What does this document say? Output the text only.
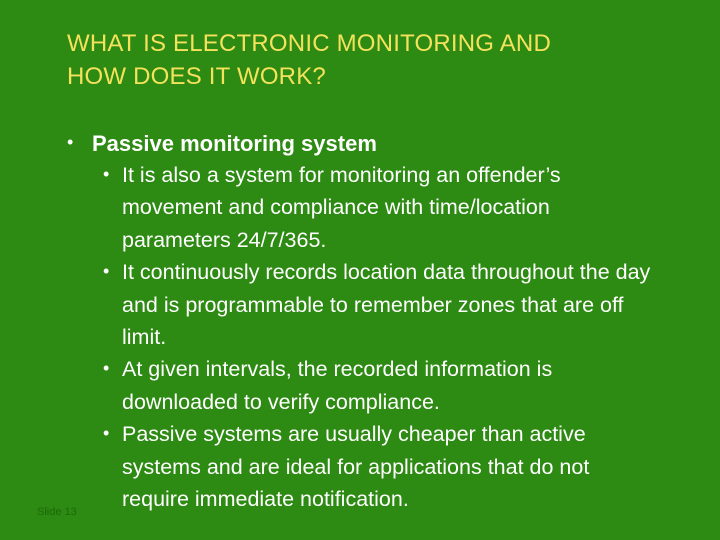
WHAT IS ELECTRONIC MONITORING AND
HOW DOES IT WORK?
• Passive monitoring system
• It is also a system for monitoring an offender’s movement and compliance with time/location parameters 24/7/365.
• It continuously records location data throughout the day and is programmable to remember zones that are off limit.
• At given intervals, the recorded information is downloaded to verify compliance.
• Passive systems are usually cheaper than active systems and are ideal for applications that do not require immediate notification.
Slide 13
